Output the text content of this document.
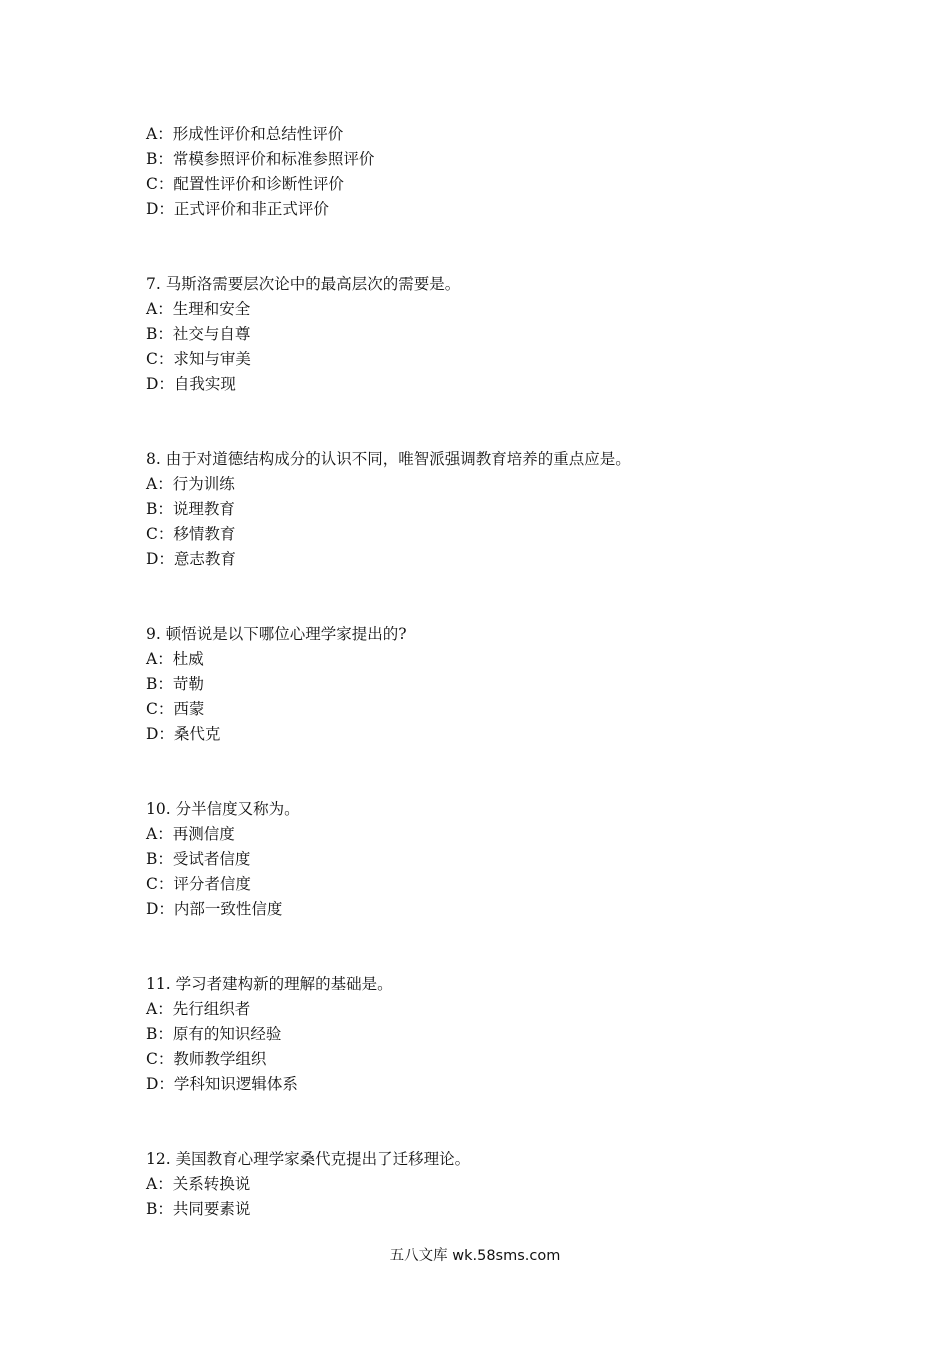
A：形成性评价和总结性评价
B：常模参照评价和标准参照评价
C：配置性评价和诊断性评价
D：正式评价和非正式评价
7. 马斯洛需要层次论中的最高层次的需要是。
A：生理和安全
B：社交与自尊
C：求知与审美
D：自我实现
8. 由于对道德结构成分的认识不同，唯智派强调教育培养的重点应是。
A：行为训练
B：说理教育
C：移情教育
D：意志教育
9. 顿悟说是以下哪位心理学家提出的?
A：杜威
B：苛勒
C：西蒙
D：桑代克
10. 分半信度又称为。
A：再测信度
B：受试者信度
C：评分者信度
D：内部一致性信度
11. 学习者建构新的理解的基础是。
A：先行组织者
B：原有的知识经验
C：教师教学组织
D：学科知识逻辑体系
12. 美国教育心理学家桑代克提出了迁移理论。
A：关系转换说
B：共同要素说
五八文库 wk.58sms.com
